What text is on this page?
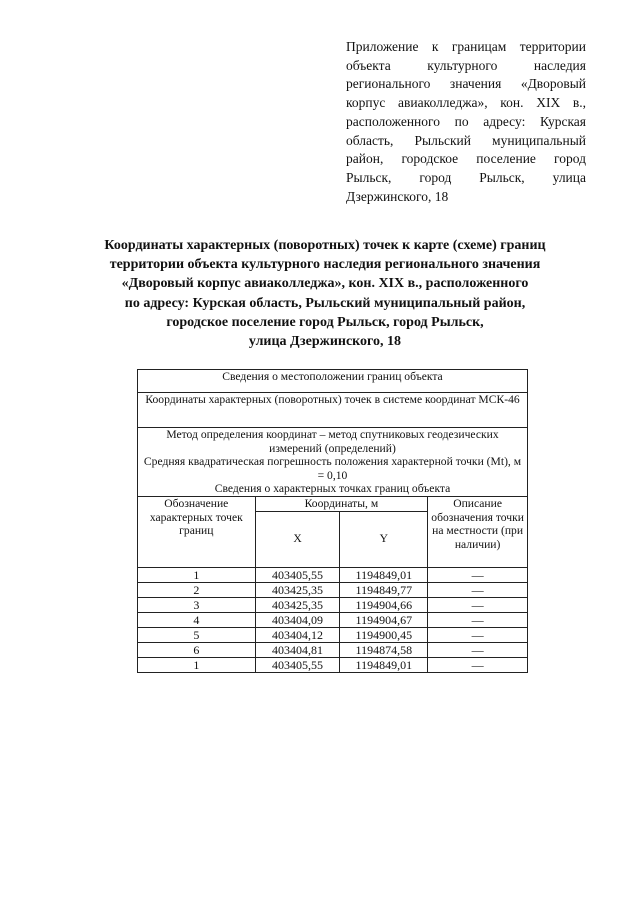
Приложение к границам территории объекта культурного наследия регионального значения «Дворовый корпус авиаколледжа», кон. XIX в., расположенного по адресу: Курская область, Рыльский муниципальный район, городское поселение город Рыльск, город Рыльск, улица Дзержинского, 18
Координаты характерных (поворотных) точек к карте (схеме) границ
территории объекта культурного наследия регионального значения
«Дворовый корпус авиаколледжа», кон. XIX в., расположенного
по адресу: Курская область, Рыльский муниципальный район,
городское поселение город Рыльск, город Рыльск,
улица Дзержинского, 18
Сведения о местоположении границ объекта			
Координаты характерных (поворотных) точек в системе координат МСК-46			

Метод определения координат – метод спутниковых геодезических измерений (определений)
Средняя квадратическая погрешность положения характерной точки (Mt), м = 0,10
Сведения о характерных точках границ объекта			

Обозначение характерных точек границ	Координаты, м		Описание обозначения точки на местности (при наличии)
	X	Y	
1	403405,55	1194849,01	—
2	403425,35	1194849,77	—
3	403425,35	1194904,66	—
4	403404,09	1194904,67	—
5	403404,12	1194900,45	—
6	403404,81	1194874,58	—
1	403405,55	1194849,01	—
